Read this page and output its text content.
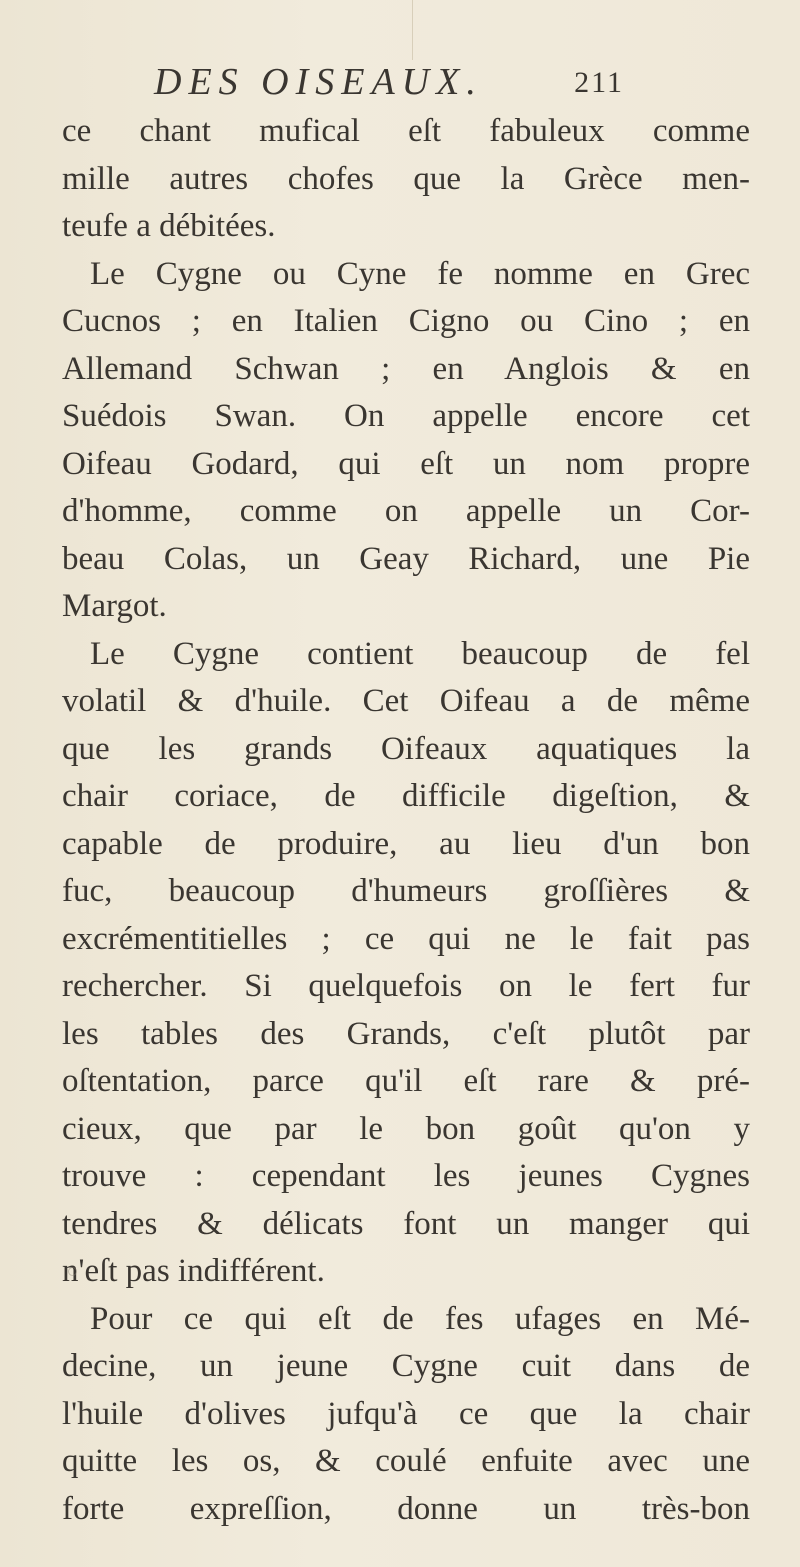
DES OISEAUX.	211
ce chant mufical eſt fabuleux comme
mille autres chofes que la Grèce men-
teufe a débitées.
Le Cygne ou Cyne fe nomme en Grec
Cucnos ; en Italien Cigno ou Cino ; en
Allemand Schwan ; en Anglois & en
Suédois Swan. On appelle encore cet
Oifeau Godard, qui eſt un nom propre
d'homme, comme on appelle un Cor-
beau Colas, un Geay Richard, une Pie
Margot.
Le Cygne contient beaucoup de fel
volatil & d'huile. Cet Oifeau a de même
que les grands Oifeaux aquatiques la
chair coriace, de difficile digeſtion, &
capable de produire, au lieu d'un bon
fuc, beaucoup d'humeurs groſſières &
excrémentitielles ; ce qui ne le fait pas
rechercher. Si quelquefois on le fert fur
les tables des Grands, c'eſt plutôt par
oſtentation, parce qu'il eſt rare & pré-
cieux, que par le bon goût qu'on y
trouve : cependant les jeunes Cygnes
tendres & délicats font un manger qui
n'eſt pas indifférent.
Pour ce qui eſt de fes ufages en Mé-
decine, un jeune Cygne cuit dans de
l'huile d'olives jufqu'à ce que la chair
quitte les os, & coulé enfuite avec une
forte expreſſion, donne un très-bon
